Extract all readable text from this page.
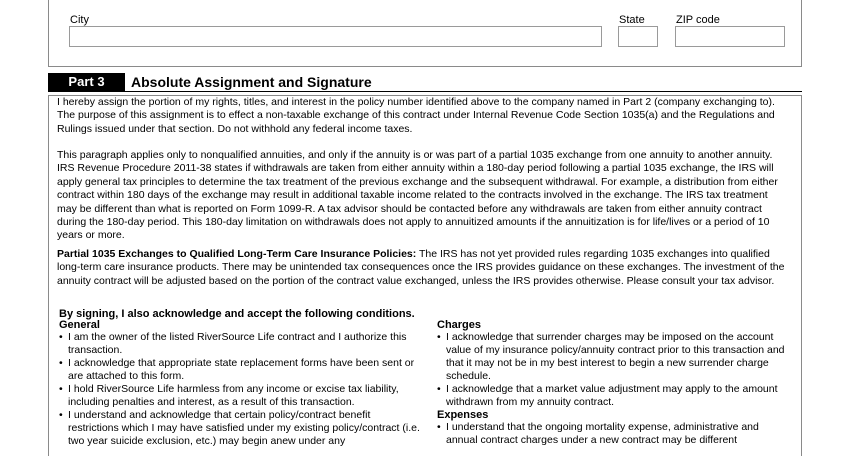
City	State	ZIP code
Part 3	Absolute Assignment and Signature

I hereby assign the portion of my rights, titles, and interest in the policy number identified above to the company named in Part 2 (company exchanging to). The purpose of this assignment is to effect a non-taxable exchange of this contract under Internal Revenue Code Section 1035(a) and the Regulations and Rulings issued under that section. Do not withhold any federal income taxes.

This paragraph applies only to nonqualified annuities, and only if the annuity is or was part of a partial 1035 exchange from one annuity to another annuity. IRS Revenue Procedure 2011-38 states if withdrawals are taken from either annuity within a 180-day period following a partial 1035 exchange, the IRS will apply general tax principles to determine the tax treatment of the previous exchange and the subsequent withdrawal. For example, a distribution from either contract within 180 days of the exchange may result in additional taxable income related to the contracts involved in the exchange. The IRS tax treatment may be different than what is reported on Form 1099-R. A tax advisor should be contacted before any withdrawals are taken from either annuity contract during the 180-day period. This 180-day limitation on withdrawals does not apply to annuitized amounts if the annuitization is for life/lives or a period of 10 years or more.

Partial 1035 Exchanges to Qualified Long-Term Care Insurance Policies: The IRS has not yet provided rules regarding 1035 exchanges into qualified long-term care insurance products. There may be unintended tax consequences once the IRS provides guidance on these exchanges. The investment of the annuity contract will be adjusted based on the portion of the contract value exchanged, unless the IRS provides otherwise. Please consult your tax advisor.

By signing, I also acknowledge and accept the following conditions.
General
• I am the owner of the listed RiverSource Life contract and I authorize this transaction.
• I acknowledge that appropriate state replacement forms have been sent or are attached to this form.
• I hold RiverSource Life harmless from any income or excise tax liability, including penalties and interest, as a result of this transaction.
• I understand and acknowledge that certain policy/contract benefit restrictions which I may have satisfied under my existing policy/contract (i.e. two year suicide exclusion, etc.) may begin anew under any
Charges
• I acknowledge that surrender charges may be imposed on the account value of my insurance policy/annuity contract prior to this transaction and that it may not be in my best interest to begin a new surrender charge schedule.
• I acknowledge that a market value adjustment may apply to the amount withdrawn from my annuity contract.
Expenses
• I understand that the ongoing mortality expense, administrative and annual contract charges under a new contract may be different
